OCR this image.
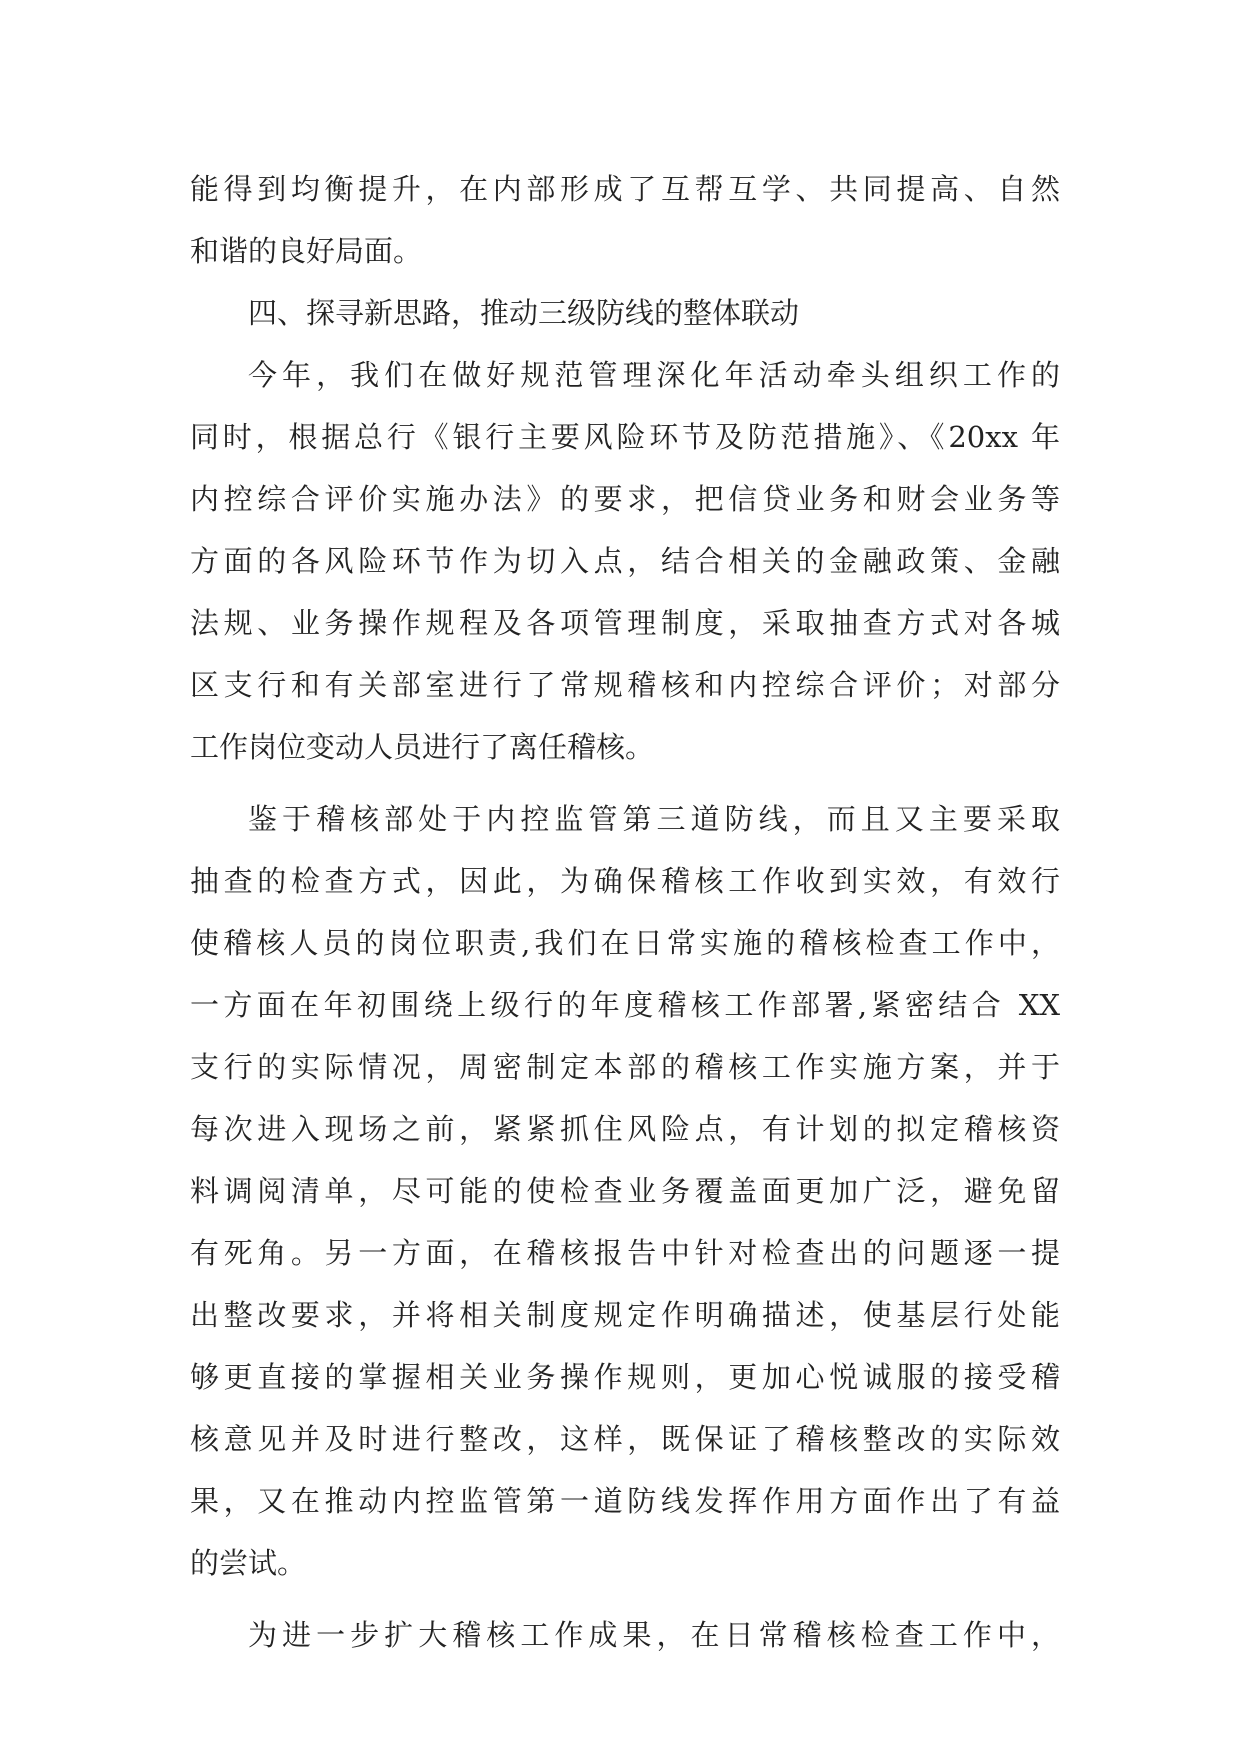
能得到均衡提升，在内部形成了互帮互学、共同提高、自然
和谐的良好局面。
四、探寻新思路，推动三级防线的整体联动
今年，我们在做好规范管理深化年活动牵头组织工作的
同时，根据总行《银行主要风险环节及防范措施》、《20xx 年
内控综合评价实施办法》的要求，把信贷业务和财会业务等
方面的各风险环节作为切入点，结合相关的金融政策、金融
法规、业务操作规程及各项管理制度，采取抽查方式对各城
区支行和有关部室进行了常规稽核和内控综合评价；对部分
工作岗位变动人员进行了离任稽核。
鉴于稽核部处于内控监管第三道防线，而且又主要采取
抽查的检查方式，因此，为确保稽核工作收到实效，有效行
使稽核人员的岗位职责,我们在日常实施的稽核检查工作中，
一方面在年初围绕上级行的年度稽核工作部署,紧密结合 XX
支行的实际情况，周密制定本部的稽核工作实施方案，并于
每次进入现场之前，紧紧抓住风险点，有计划的拟定稽核资
料调阅清单，尽可能的使检查业务覆盖面更加广泛，避免留
有死角。另一方面，在稽核报告中针对检查出的问题逐一提
出整改要求，并将相关制度规定作明确描述，使基层行处能
够更直接的掌握相关业务操作规则，更加心悦诚服的接受稽
核意见并及时进行整改，这样，既保证了稽核整改的实际效
果，又在推动内控监管第一道防线发挥作用方面作出了有益
的尝试。
为进一步扩大稽核工作成果，在日常稽核检查工作中，
